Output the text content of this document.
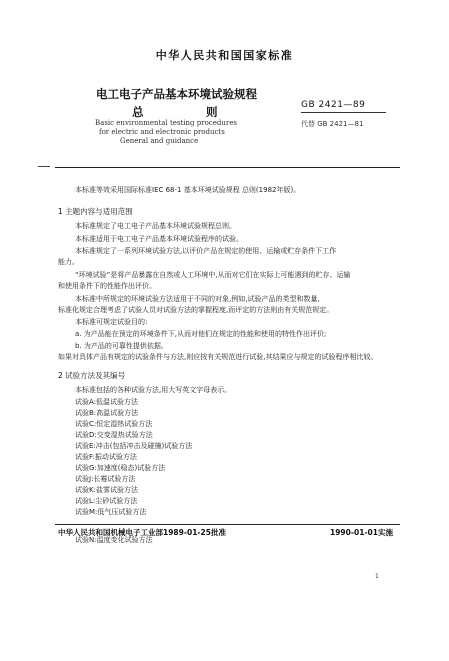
中华人民共和国国家标准
电工电子产品基本环境试验规程
总	则	GB 2421—89
代替 GB 2421—81
Basic environmental testing procedures
for electric and electronic products
General and guidance
本标准等效采用国际标准IEC 68-1 基本环境试验规程 总则(1982年版)。
1 主题内容与适用范围
本标准规定了电工电子产品基本环境试验规程总则。
本标准适用于电工电子产品基本环境试验程序的试验。
本标准规定了一系列环境试验方法,以评价产品在规定的使用、运输或贮存条件下工作
能力。
“环境试验”是将产品暴露在自然或人工环境中,从而对它们在实际上可能遇到的贮存、运输
和使用条件下的性能作出评价。
本标准中所规定的环境试验方法适用于不同的对象,例如,试验产品的类型和数量,
标准化规定合理考虑了试验人员对试验方法的掌握程度,而评定的方法则由有关规范规定。
本标准可规定试验目的:
a. 为产品能在预定的环境条件下,从而对他们在规定的性能和使用的特性作出评价;
b. 为产品的可靠性提供依据。
如果对具体产品有规定的试验条件与方法,则应按有关规范进行试验,其结果应与规定的试验程序相比较。
2 试验方法及其编号
本标准包括的各种试验方法,用大写英文字母表示。
试验A:低温试验方法
试验B:高温试验方法
试验C:恒定湿热试验方法
试验D:交变湿热试验方法
试验E:冲击(包括冲击及碰撞)试验方法
试验F:振动试验方法
试验G:加速度(稳态)试验方法
试验J:长霉试验方法
试验K:盐雾试验方法
试验L:尘砂试验方法
试验M:低气压试验方法
试验N:温度变化试验方法
中华人民共和国机械电子工业部1989-01-25批准	1990-01-01实施
1
